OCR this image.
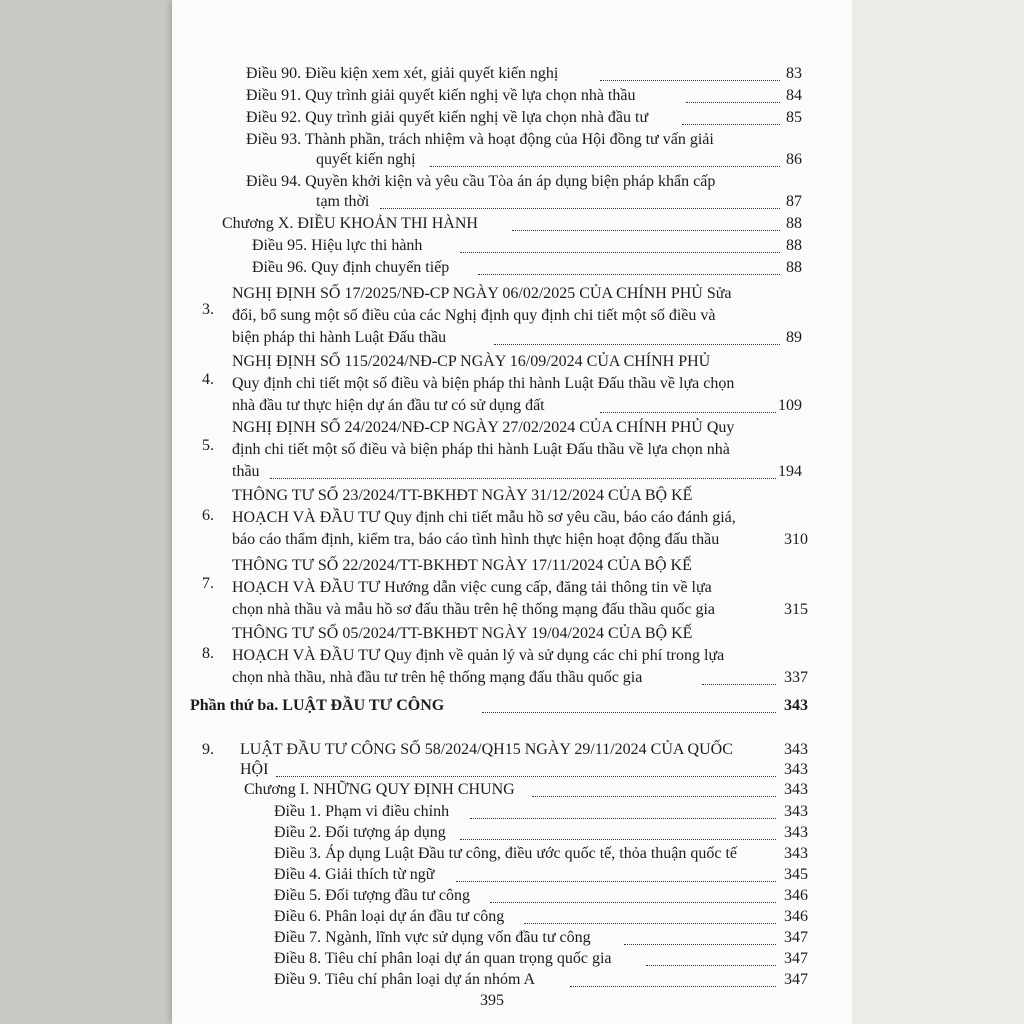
Điều 90. Điều kiện xem xét, giải quyết kiến nghị	83
Điều 91. Quy trình giải quyết kiến nghị về lựa chọn nhà thầu	84
Điều 92. Quy trình giải quyết kiến nghị về lựa chọn nhà đầu tư	85
Điều 93. Thành phần, trách nhiệm và hoạt động của Hội đồng tư vấn giải
quyết kiến nghị	86
Điều 94. Quyền khởi kiện và yêu cầu Tòa án áp dụng biện pháp khẩn cấp
tạm thời	87
Chương X. ĐIỀU KHOẢN THI HÀNH	88
Điều 95. Hiệu lực thi hành	88
Điều 96. Quy định chuyển tiếp	88
3.
NGHỊ ĐỊNH SỐ 17/2025/NĐ-CP NGÀY 06/02/2025 CỦA CHÍNH PHỦ Sửa
đổi, bổ sung một số điều của các Nghị định quy định chi tiết một số điều và
biện pháp thi hành Luật Đấu thầu	89
4.
NGHỊ ĐỊNH SỐ 115/2024/NĐ-CP NGÀY 16/09/2024 CỦA CHÍNH PHỦ
Quy định chi tiết một số điều và biện pháp thi hành Luật Đấu thầu về lựa chọn
nhà đầu tư thực hiện dự án đầu tư có sử dụng đất	109
5.
NGHỊ ĐỊNH SỐ 24/2024/NĐ-CP NGÀY 27/02/2024 CỦA CHÍNH PHỦ Quy
định chi tiết một số điều và biện pháp thi hành Luật Đấu thầu về lựa chọn nhà
thầu	194
6.
THÔNG TƯ SỐ 23/2024/TT-BKHĐT NGÀY 31/12/2024 CỦA BỘ KẾ
HOẠCH VÀ ĐẦU TƯ Quy định chi tiết mẫu hồ sơ yêu cầu, báo cáo đánh giá,
báo cáo thẩm định, kiểm tra, báo cáo tình hình thực hiện hoạt động đấu thầu	310
7.
THÔNG TƯ SỐ 22/2024/TT-BKHĐT NGÀY 17/11/2024 CỦA BỘ KẾ
HOẠCH VÀ ĐẦU TƯ Hướng dẫn việc cung cấp, đăng tải thông tin về lựa
chọn nhà thầu và mẫu hồ sơ đấu thầu trên hệ thống mạng đấu thầu quốc gia	315
8.
THÔNG TƯ SỐ 05/2024/TT-BKHĐT NGÀY 19/04/2024 CỦA BỘ KẾ
HOẠCH VÀ ĐẦU TƯ Quy định về quản lý và sử dụng các chi phí trong lựa
chọn nhà thầu, nhà đầu tư trên hệ thống mạng đấu thầu quốc gia	337
Phần thứ ba. LUẬT ĐẦU TƯ CÔNG	343
9. LUẬT ĐẦU TƯ CÔNG SỐ 58/2024/QH15 NGÀY 29/11/2024 CỦA QUỐC	343
HỘI	343
Chương I. NHỮNG QUY ĐỊNH CHUNG	343
Điều 1. Phạm vi điều chỉnh	343
Điều 2. Đối tượng áp dụng	343
Điều 3. Áp dụng Luật Đầu tư công, điều ước quốc tế, thỏa thuận quốc tế	343
Điều 4. Giải thích từ ngữ	345
Điều 5. Đối tượng đầu tư công	346
Điều 6. Phân loại dự án đầu tư công	346
Điều 7. Ngành, lĩnh vực sử dụng vốn đầu tư công	347
Điều 8. Tiêu chí phân loại dự án quan trọng quốc gia	347
Điều 9. Tiêu chí phân loại dự án nhóm A	347
395
